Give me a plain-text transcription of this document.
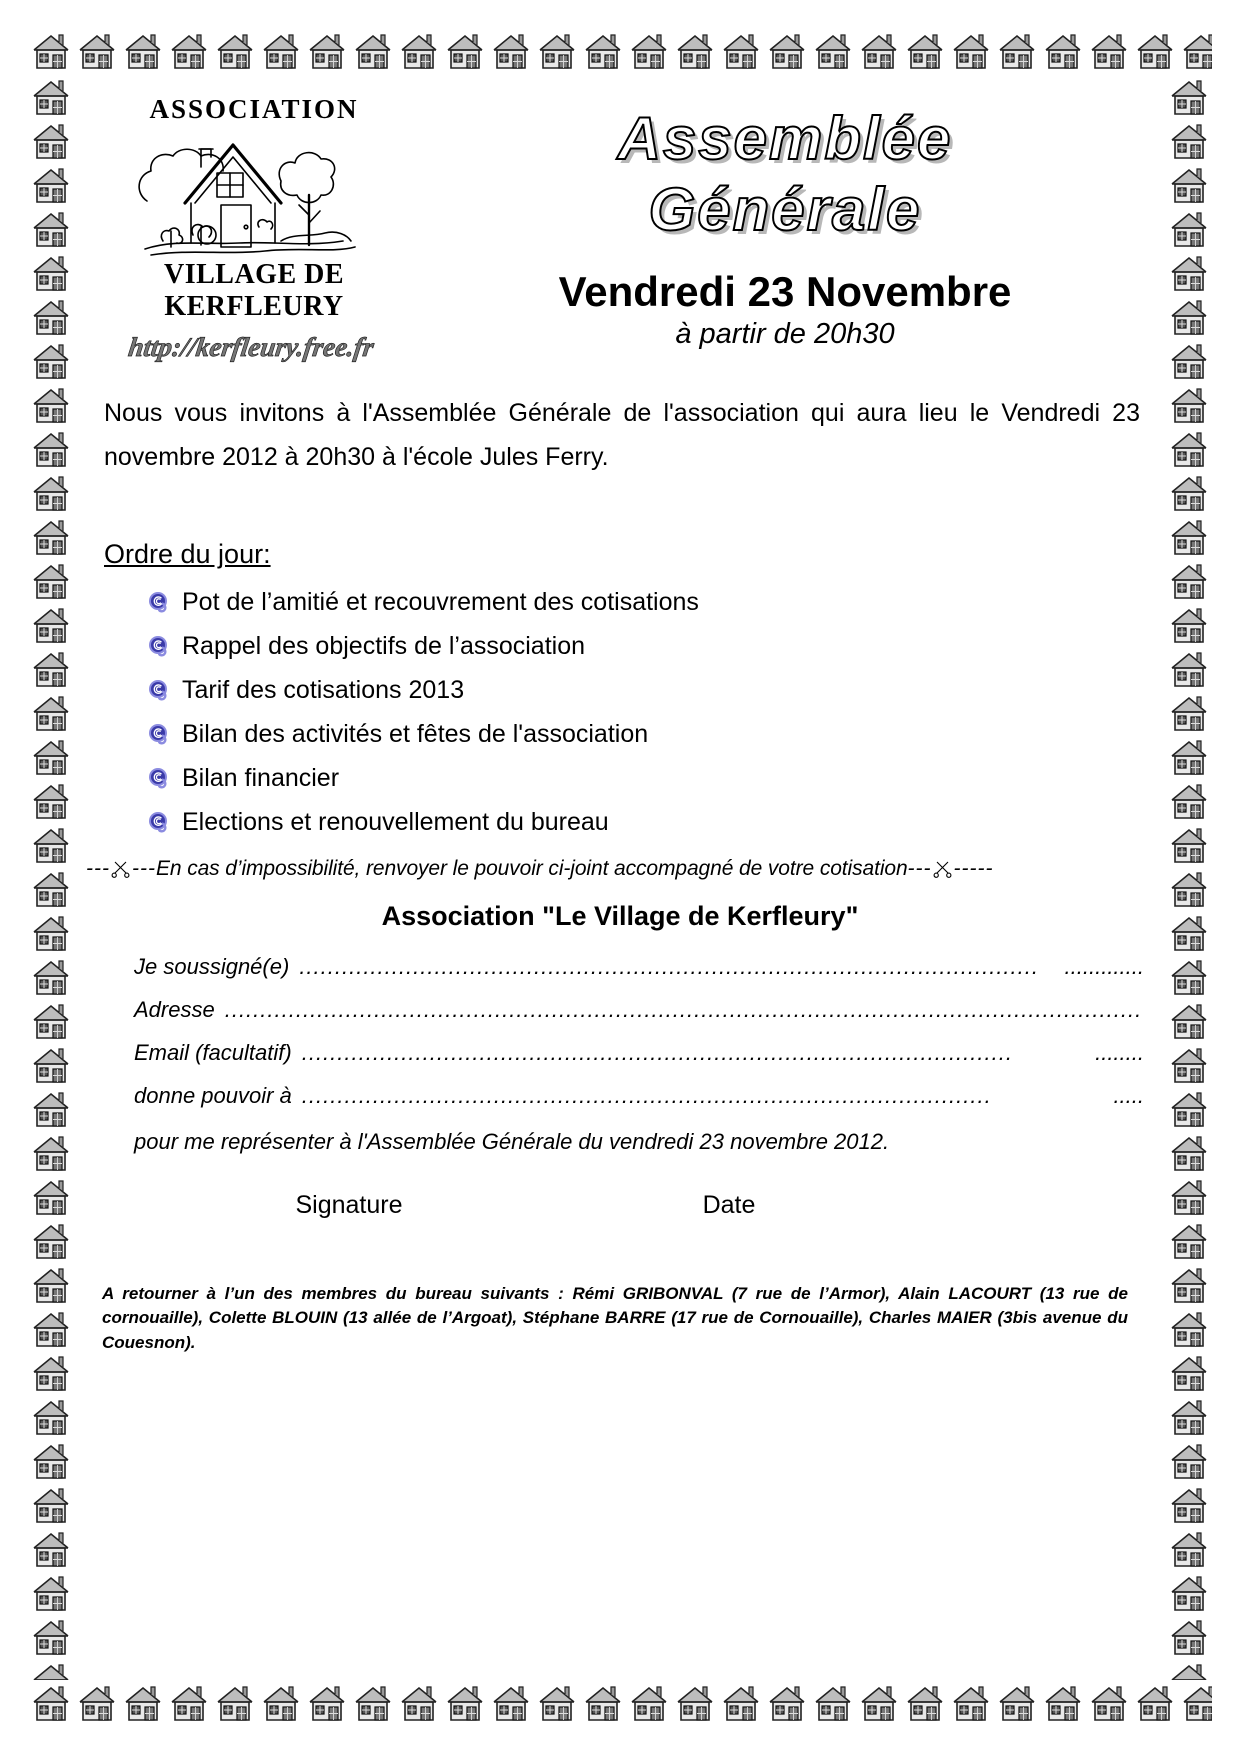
ASSOCIATION
VILLAGE DE KERFLEURY
http://kerfleury.free.fr
Assemblée
Générale
Vendredi 23 Novembre
à partir de 20h30

Nous vous invitons à l'Assemblée Générale de l'association qui aura lieu le Vendredi 23 novembre 2012 à 20h30 à l'école Jules Ferry.

Ordre du jour:
Pot de l’amitié et recouvrement des cotisations
Rappel des objectifs de l’association
Tarif des cotisations 2013
Bilan des activités et fêtes de l'association
Bilan financier
Elections et renouvellement du bureau
--- --- En cas d’impossibilité, renvoyer le pouvoir ci-joint accompagné de votre cotisation --- -----
Association "Le Village de Kerfleury"
Je soussigné(e) ........................................................................................................	.............
Adresse .................................................................................................................................
Email (facultatif) ....................................................................................................	........
donne pouvoir à .................................................................................................	.....
pour me représenter à l'Assemblée Générale du vendredi 23 novembre 2012.
Signature	Date
A retourner à l’un des membres du bureau suivants : Rémi GRIBONVAL (7 rue de l’Armor), Alain LACOURT (13 rue de cornouaille), Colette BLOUIN (13 allée de l’Argoat), Stéphane BARRE (17 rue de Cornouaille), Charles MAIER (3bis avenue du Couesnon).
